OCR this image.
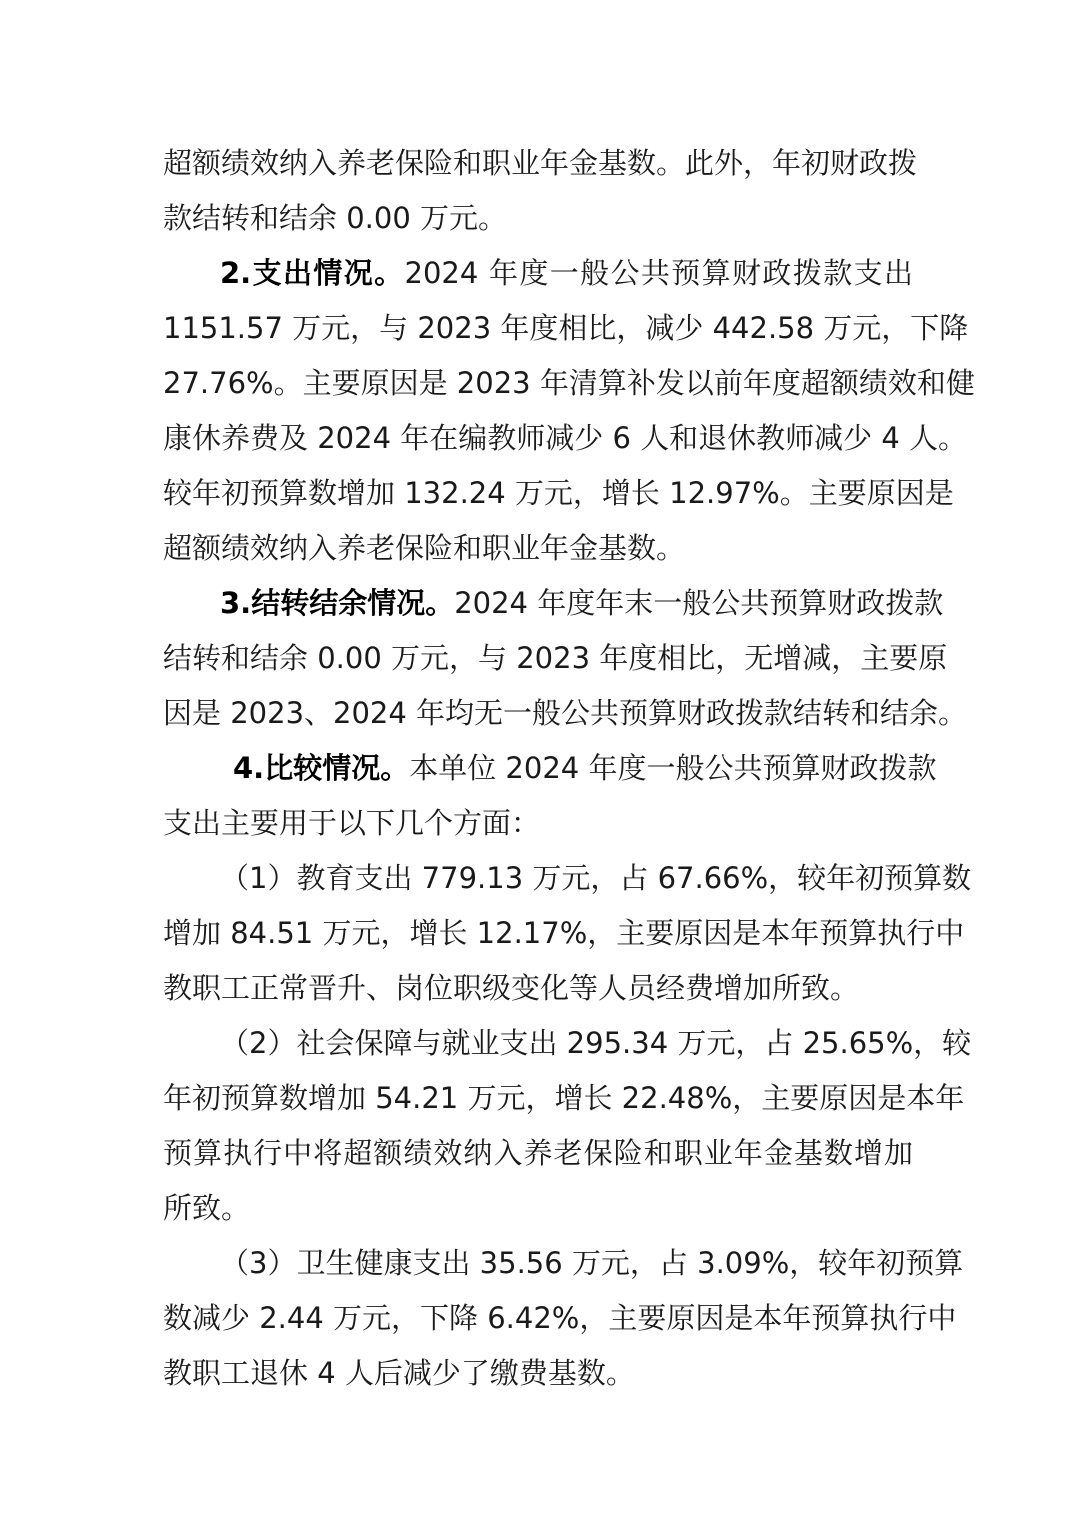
超额绩效纳入养老保险和职业年金基数。此外，年初财政拨
款结转和结余 0.00 万元。
2.支出情况。2024 年度一般公共预算财政拨款支出
1151.57 万元，与 2023 年度相比，减少 442.58 万元，下降
27.76%。主要原因是 2023 年清算补发以前年度超额绩效和健
康休养费及 2024 年在编教师减少 6 人和退休教师减少 4 人。
较年初预算数增加 132.24 万元，增长 12.97%。主要原因是
超额绩效纳入养老保险和职业年金基数。
3.结转结余情况。2024 年度年末一般公共预算财政拨款
结转和结余 0.00 万元，与 2023 年度相比，无增减，主要原
因是 2023、2024 年均无一般公共预算财政拨款结转和结余。
4.比较情况。本单位 2024 年度一般公共预算财政拨款
支出主要用于以下几个方面：
（1）教育支出 779.13 万元，占 67.66%，较年初预算数
增加 84.51 万元，增长 12.17%，主要原因是本年预算执行中
教职工正常晋升、岗位职级变化等人员经费增加所致。
（2）社会保障与就业支出 295.34 万元，占 25.65%，较
年初预算数增加 54.21 万元，增长 22.48%，主要原因是本年
预算执行中将超额绩效纳入养老保险和职业年金基数增加
所致。
（3）卫生健康支出 35.56 万元，占 3.09%，较年初预算
数减少 2.44 万元，下降 6.42%，主要原因是本年预算执行中
教职工退休 4 人后减少了缴费基数。
